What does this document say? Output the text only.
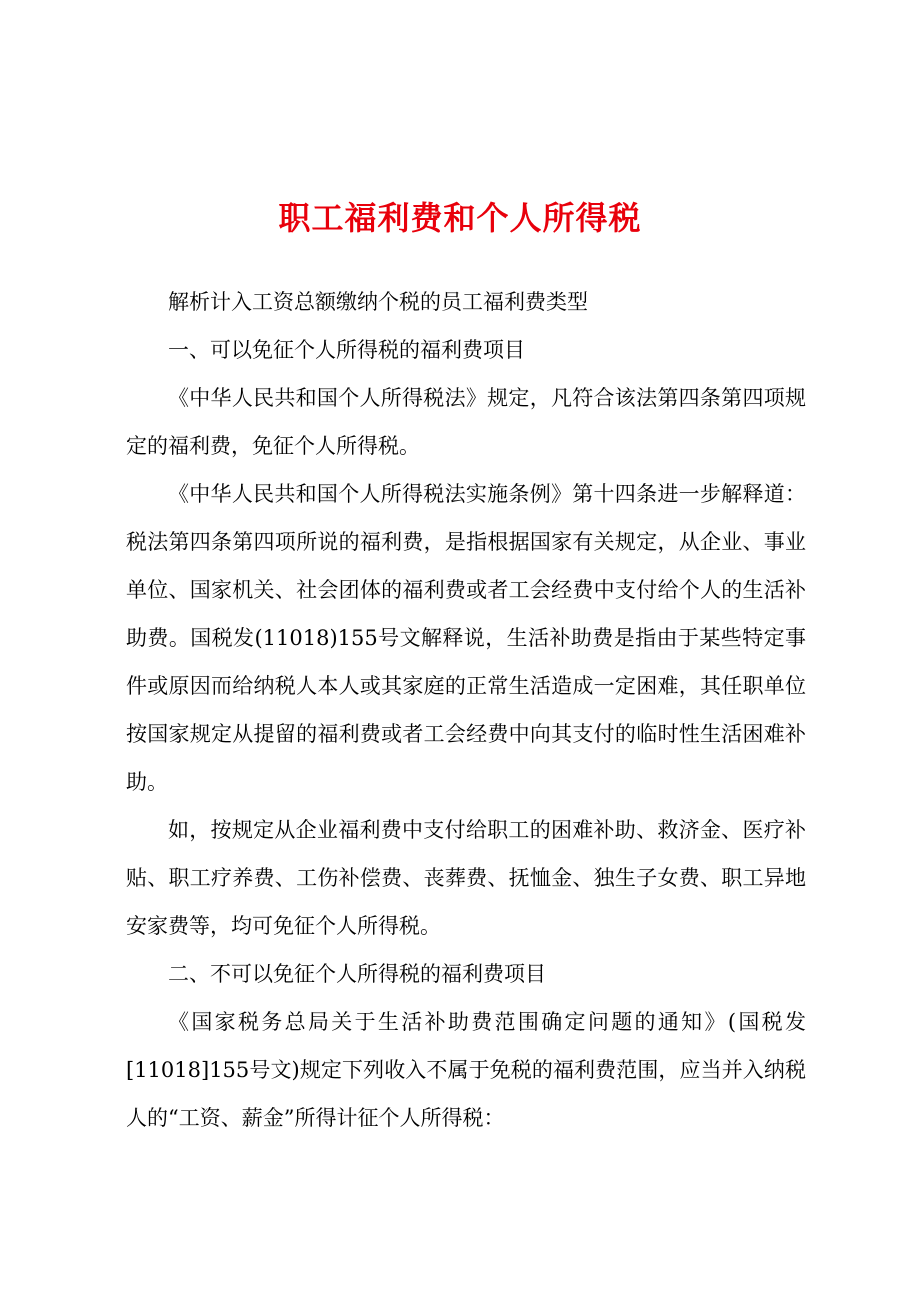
职工福利费和个人所得税

解析计入工资总额缴纳个税的员工福利费类型

一、可以免征个人所得税的福利费项目

《中华人民共和国个人所得税法》规定，凡符合该法第四条第四项规定的福利费，免征个人所得税。

《中华人民共和国个人所得税法实施条例》第十四条进一步解释道：税法第四条第四项所说的福利费，是指根据国家有关规定，从企业、事业单位、国家机关、社会团体的福利费或者工会经费中支付给个人的生活补助费。国税发(11018)155号文解释说，生活补助费是指由于某些特定事件或原因而给纳税人本人或其家庭的正常生活造成一定困难，其任职单位按国家规定从提留的福利费或者工会经费中向其支付的临时性生活困难补助。

如，按规定从企业福利费中支付给职工的困难补助、救济金、医疗补贴、职工疗养费、工伤补偿费、丧葬费、抚恤金、独生子女费、职工异地安家费等，均可免征个人所得税。

二、不可以免征个人所得税的福利费项目

《国家税务总局关于生活补助费范围确定问题的通知》(国税发[11018]155号文)规定下列收入不属于免税的福利费范围，应当并入纳税人的“工资、薪金”所得计征个人所得税：
